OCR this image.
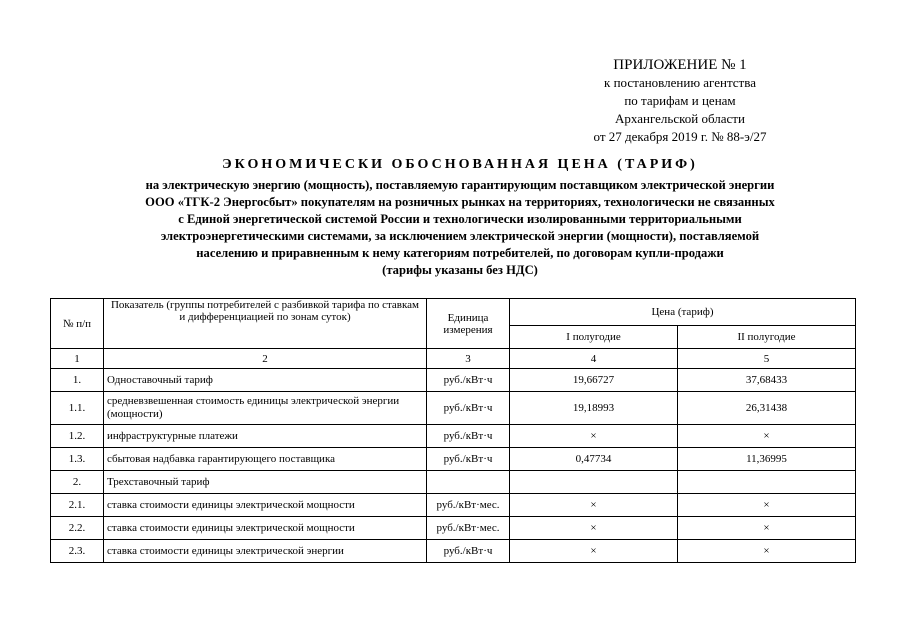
ПРИЛОЖЕНИЕ № 1
к постановлению агентства
по тарифам и ценам
Архангельской области
от 27 декабря 2019 г. № 88-э/27
ЭКОНОМИЧЕСКИ ОБОСНОВАННАЯ ЦЕНА (ТАРИФ)
на электрическую энергию (мощность), поставляемую гарантирующим поставщиком электрической энергии
ООО «ТГК-2 Энергосбыт» покупателям на розничных рынках на территориях, технологически не связанных
с Единой энергетической системой России и технологически изолированными территориальными
электроэнергетическими системами, за исключением электрической энергии (мощности), поставляемой
населению и приравненным к нему категориям потребителей, по договорам купли-продажи
(тарифы указаны без НДС)
№ п/п	Показатель (группы потребителей с разбивкой тарифа по ставкам и дифференциацией по зонам суток)	Единица измерения	Цена (тариф)	
			I полугодие	II полугодие
1	2	3	4	5
1.	Одноставочный тариф	руб./кВт·ч	19,66727	37,68433
1.1.	средневзвешенная стоимость единицы электрической энергии (мощности)	руб./кВт·ч	19,18993	26,31438
1.2.	инфраструктурные платежи	руб./кВт·ч	×	×
1.3.	сбытовая надбавка гарантирующего поставщика	руб./кВт·ч	0,47734	11,36995
2.	Трехставочный тариф			
2.1.	ставка стоимости единицы электрической мощности	руб./кВт·мес.	×	×
2.2.	ставка стоимости единицы электрической мощности	руб./кВт·мес.	×	×
2.3.	ставка стоимости единицы электрической энергии	руб./кВт·ч	×	×
